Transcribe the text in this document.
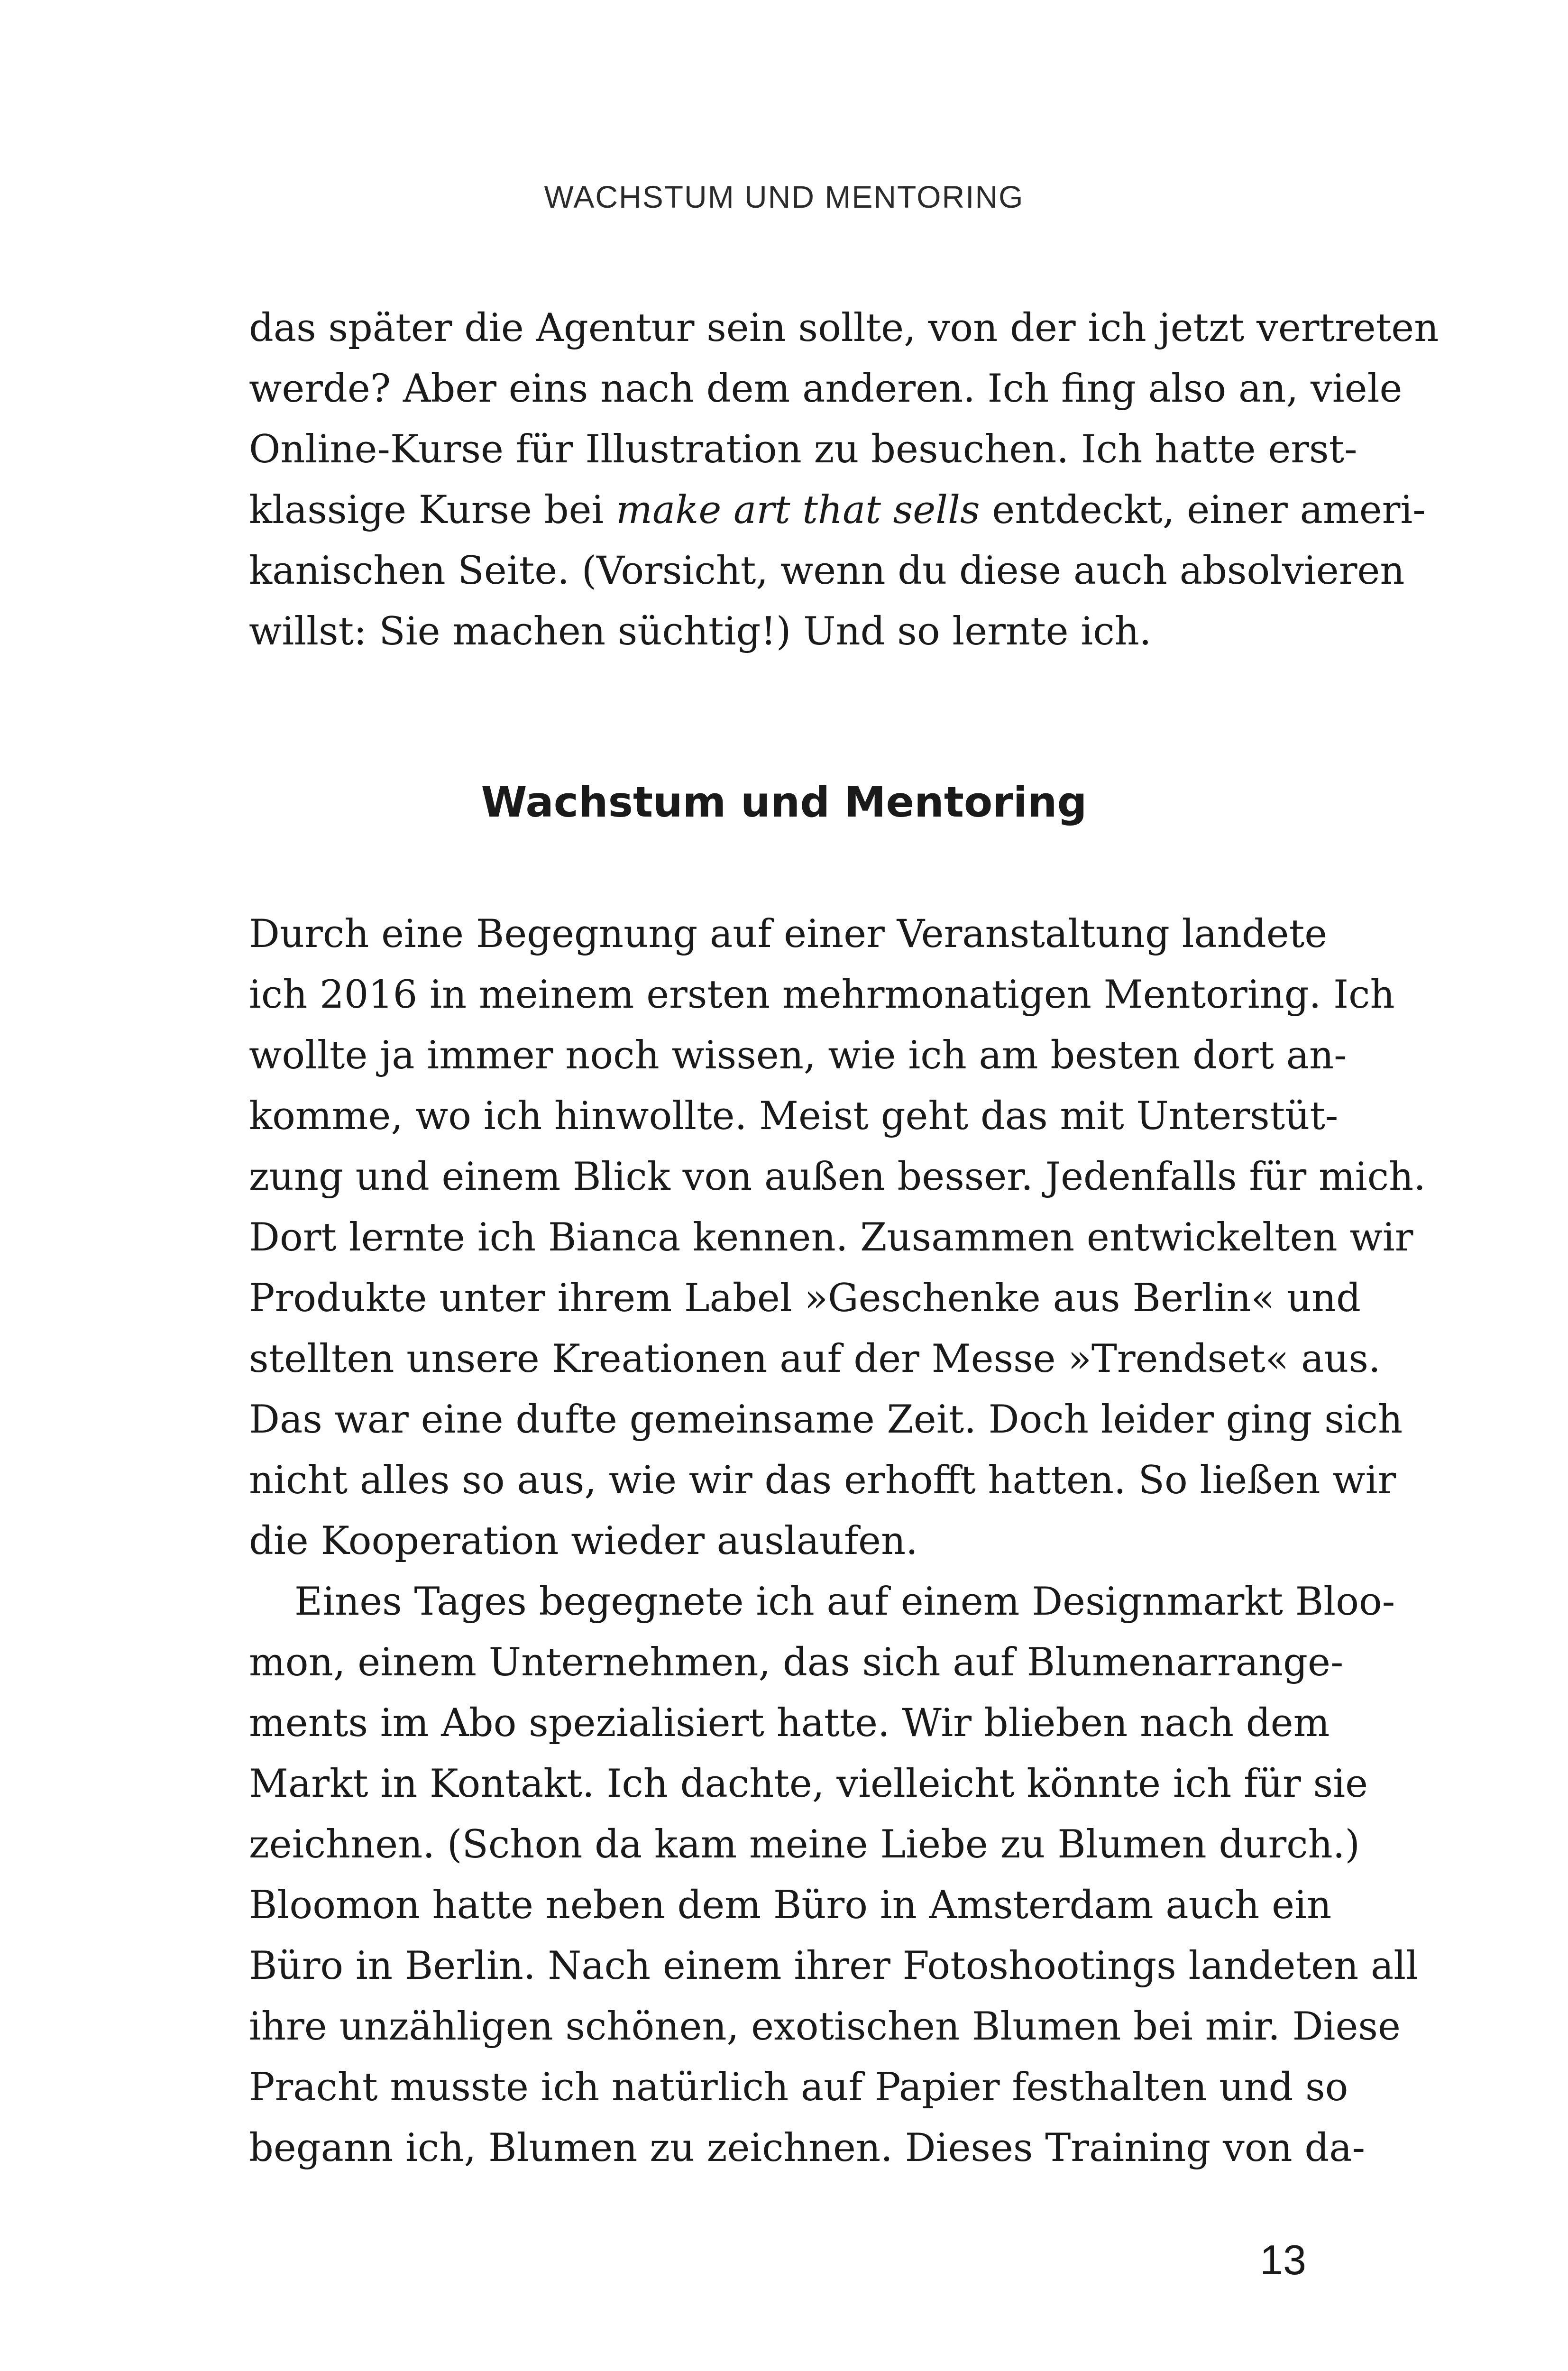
WACHSTUM UND MENTORING
das später die Agentur sein sollte, von der ich jetzt vertreten
werde? Aber eins nach dem anderen. Ich fing also an, viele
Online-Kurse für Illustration zu besuchen. Ich hatte erst-
klassige Kurse bei make art that sells entdeckt, einer ameri-
kanischen Seite. (Vorsicht, wenn du diese auch absolvieren
willst: Sie machen süchtig!) Und so lernte ich.
Wachstum und Mentoring
Durch eine Begegnung auf einer Veranstaltung landete
ich 2016 in meinem ersten mehrmonatigen Mentoring. Ich
wollte ja immer noch wissen, wie ich am besten dort an-
komme, wo ich hinwollte. Meist geht das mit Unterstüt-
zung und einem Blick von außen besser. Jedenfalls für mich.
Dort lernte ich Bianca kennen. Zusammen entwickelten wir
Produkte unter ihrem Label »Geschenke aus Berlin« und
stellten unsere Kreationen auf der Messe »Trendset« aus.
Das war eine dufte gemeinsame Zeit. Doch leider ging sich
nicht alles so aus, wie wir das erhofft hatten. So ließen wir
die Kooperation wieder auslaufen.
Eines Tages begegnete ich auf einem Designmarkt Bloo-
mon, einem Unternehmen, das sich auf Blumenarrange-
ments im Abo spezialisiert hatte. Wir blieben nach dem
Markt in Kontakt. Ich dachte, vielleicht könnte ich für sie
zeichnen. (Schon da kam meine Liebe zu Blumen durch.)
Bloomon hatte neben dem Büro in Amsterdam auch ein
Büro in Berlin. Nach einem ihrer Fotoshootings landeten all
ihre unzähligen schönen, exotischen Blumen bei mir. Diese
Pracht musste ich natürlich auf Papier festhalten und so
begann ich, Blumen zu zeichnen. Dieses Training von da-
13
